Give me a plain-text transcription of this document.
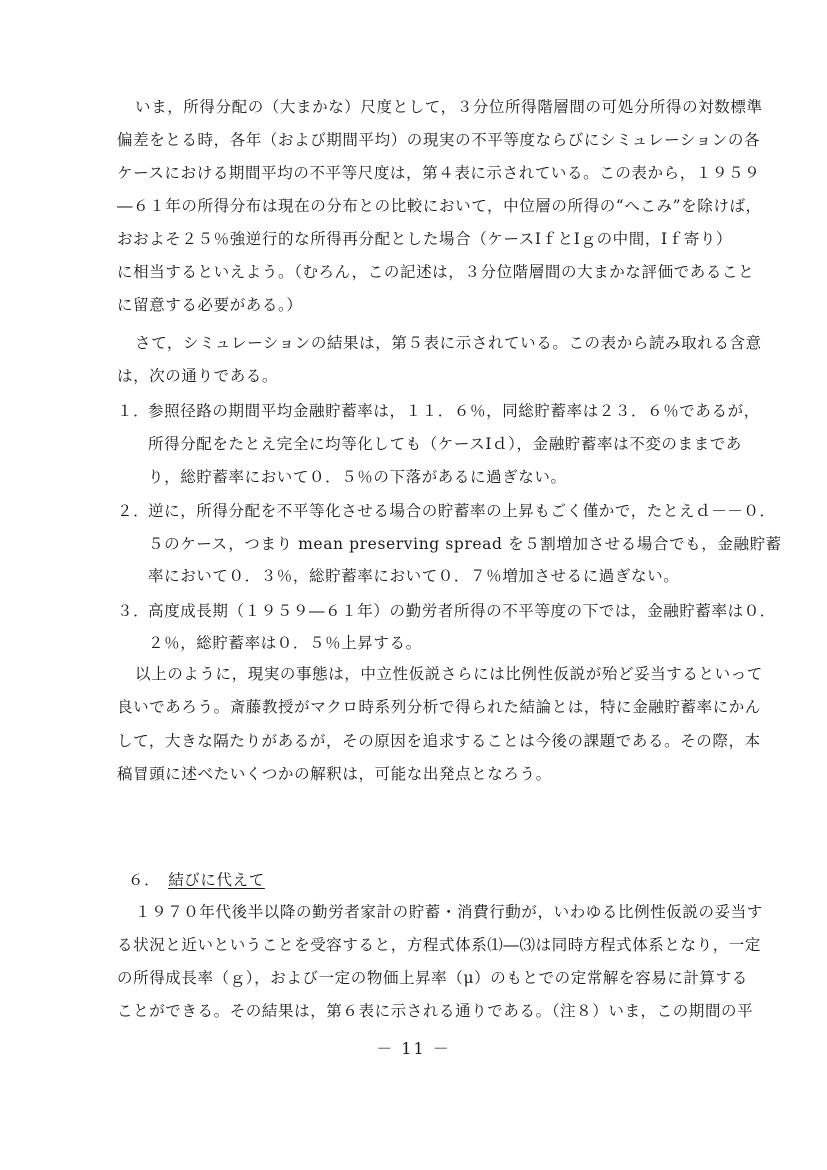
いま，所得分配の（大まかな）尺度として，３分位所得階層間の可処分所得の対数標準
偏差をとる時，各年（および期間平均）の現実の不平等度ならびにシミュレーションの各
ケースにおける期間平均の不平等尺度は，第４表に示されている。この表から，１９５９
―６１年の所得分布は現在の分布との比較において，中位層の所得の“へこみ”を除けば，
おおよそ２５％強逆行的な所得再分配とした場合（ケースⅠｆとⅠｇの中間，Ⅰｆ寄り）
に相当するといえよう。（むろん，この記述は，３分位階層間の大まかな評価であること
に留意する必要がある。）
さて，シミュレーションの結果は，第５表に示されている。この表から読み取れる含意
は，次の通りである。
１．
参照径路の期間平均金融貯蓄率は，１１．６％，同総貯蓄率は２３．６％であるが，
所得分配をたとえ完全に均等化しても（ケースⅠｄ），金融貯蓄率は不変のままであ
り，総貯蓄率において０．５％の下落があるに過ぎない。
２．
逆に，所得分配を不平等化させる場合の貯蓄率の上昇もごく僅かで，たとえｄ－－０．
５のケース，つまり mean preserving spread を５割増加させる場合でも，金融貯蓄
率において０．３％，総貯蓄率において０．７％増加させるに過ぎない。
３．
高度成長期（１９５９―６１年）の勤労者所得の不平等度の下では，金融貯蓄率は０．
２％，総貯蓄率は０．５％上昇する。
以上のように，現実の事態は，中立性仮説さらには比例性仮説が殆ど妥当するといって
良いであろう。斎藤教授がマクロ時系列分析で得られた結論とは，特に金融貯蓄率にかん
して，大きな隔たりがあるが，その原因を追求することは今後の課題である。その際，本
稿冒頭に述べたいくつかの解釈は，可能な出発点となろう。
６． 結びに代えて
１９７０年代後半以降の勤労者家計の貯蓄・消費行動が，いわゆる比例性仮説の妥当す
る状況と近いということを受容すると，方程式体系⑴―⑶は同時方程式体系となり，一定
の所得成長率（ｇ），および一定の物価上昇率（μ）のもとでの定常解を容易に計算する
ことができる。その結果は，第６表に示される通りである。（注８）いま，この期間の平
－ 11 －
